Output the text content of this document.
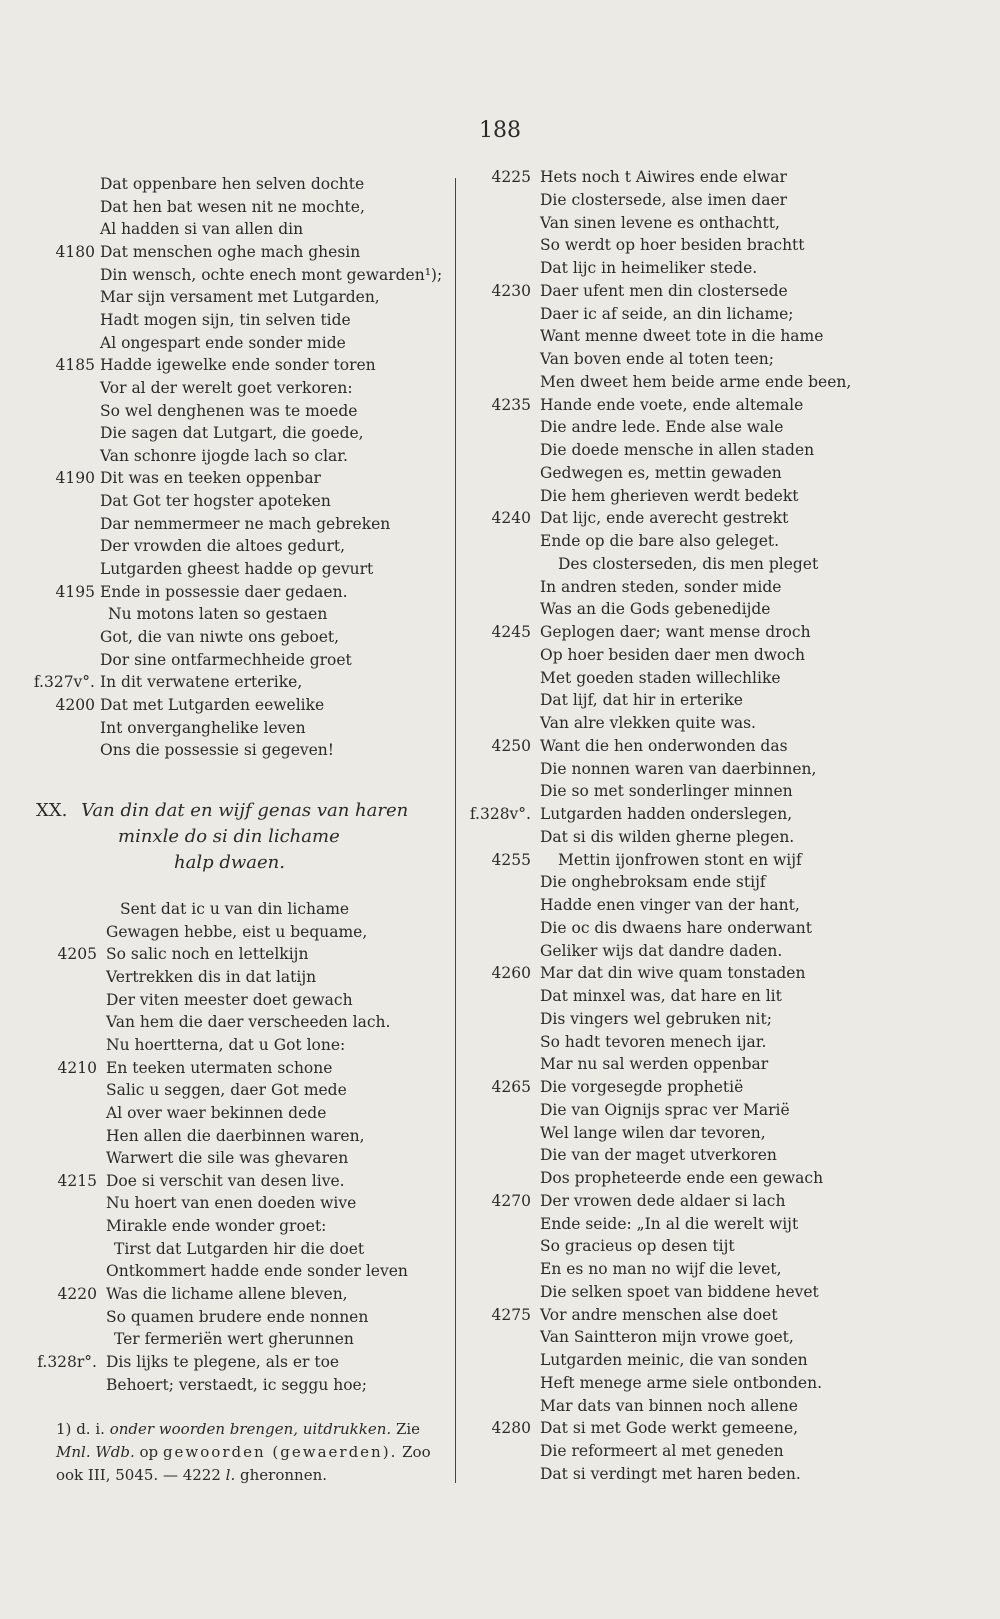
188
Dat oppenbare hen selven dochte
Dat hen bat wesen nit ne mochte,
Al hadden si van allen din
4180 Dat menschen oghe mach ghesin
Din wensch, ochte enech mont gewarden¹);
Mar sijn versament met Lutgarden,
Hadt mogen sijn, tin selven tide
Al ongespart ende sonder mide
4185 Hadde igewelke ende sonder toren
Vor al der werelt goet verkoren:
So wel denghenen was te moede
Die sagen dat Lutgart, die goede,
Van schonre ijogde lach so clar.
4190 Dit was en teeken oppenbar
Dat Got ter hogster apoteken
Dar nemmermeer ne mach gebreken
Der vrowden die altoes gedurt,
Lutgarden gheest hadde op gevurt
4195 Ende in possessie daer gedaen.
Nu motons laten so gestaen
Got, die van niwte ons geboet,
Dor sine ontfarmechheide groet
f.327v°. In dit verwatene erterike,
4200 Dat met Lutgarden eewelike
Int onverganghelike leven
Ons die possessie si gegeven!
XX. Van din dat en wijf genas van haren
minxle do si din lichame
halp dwaen.
Sent dat ic u van din lichame
Gewagen hebbe, eist u bequame,
4205 So salic noch en lettelkijn
Vertrekken dis in dat latijn
Der viten meester doet gewach
Van hem die daer verscheeden lach.
Nu hoertterna, dat u Got lone:
4210 En teeken utermaten schone
Salic u seggen, daer Got mede
Al over waer bekinnen dede
Hen allen die daerbinnen waren,
Warwert die sile was ghevaren
4215 Doe si verschit van desen live.
Nu hoert van enen doeden wive
Mirakle ende wonder groet:
Tirst dat Lutgarden hir die doet
Ontkommert hadde ende sonder leven
4220 Was die lichame allene bleven,
So quamen brudere ende nonnen
Ter fermeriën wert gherunnen
f.328r°. Dis lijks te plegene, als er toe
Behoert; verstaedt, ic seggu hoe;
1) d. i. onder woorden brengen, uitdrukken. Zie Mnl. Wdb. op gewoorden (gewaerden). Zoo ook III, 5045. — 4222 l. gheronnen.
4225 Hets noch t Aiwires ende elwar
Die clostersede, alse imen daer
Van sinen levene es onthachtt,
So werdt op hoer besiden brachtt
Dat lijc in heimeliker stede.
4230 Daer ufent men din clostersede
Daer ic af seide, an din lichame;
Want menne dweet tote in die hame
Van boven ende al toten teen;
Men dweet hem beide arme ende been,
4235 Hande ende voete, ende altemale
Die andre lede. Ende alse wale
Die doede mensche in allen staden
Gedwegen es, mettin gewaden
Die hem gherieven werdt bedekt
4240 Dat lijc, ende averecht gestrekt
Ende op die bare also geleget.
Des closterseden, dis men pleget
In andren steden, sonder mide
Was an die Gods gebenedijde
4245 Geplogen daer; want mense droch
Op hoer besiden daer men dwoch
Met goeden staden willechlike
Dat lijf, dat hir in erterike
Van alre vlekken quite was.
4250 Want die hen onderwonden das
Die nonnen waren van daerbinnen,
Die so met sonderlinger minnen
f.328v°. Lutgarden hadden onderslegen,
Dat si dis wilden gherne plegen.
4255 Mettin ijonfrowen stont en wijf
Die onghebroksam ende stijf
Hadde enen vinger van der hant,
Die oc dis dwaens hare onderwant
Geliker wijs dat dandre daden.
4260 Mar dat din wive quam tonstaden
Dat minxel was, dat hare en lit
Dis vingers wel gebruken nit;
So hadt tevoren menech ijar.
Mar nu sal werden oppenbar
4265 Die vorgesegde prophetië
Die van Oignijs sprac ver Marië
Wel lange wilen dar tevoren,
Die van der maget utverkoren
Dos propheteerde ende een gewach
4270 Der vrowen dede aldaer si lach
Ende seide: „In al die werelt wijt
So gracieus op desen tijt
En es no man no wijf die levet,
Die selken spoet van biddene hevet
4275 Vor andre menschen alse doet
Van Saintteron mijn vrowe goet,
Lutgarden meinic, die van sonden
Heft menege arme siele ontbonden.
Mar dats van binnen noch allene
4280 Dat si met Gode werkt gemeene,
Die reformeert al met geneden
Dat si verdingt met haren beden.
